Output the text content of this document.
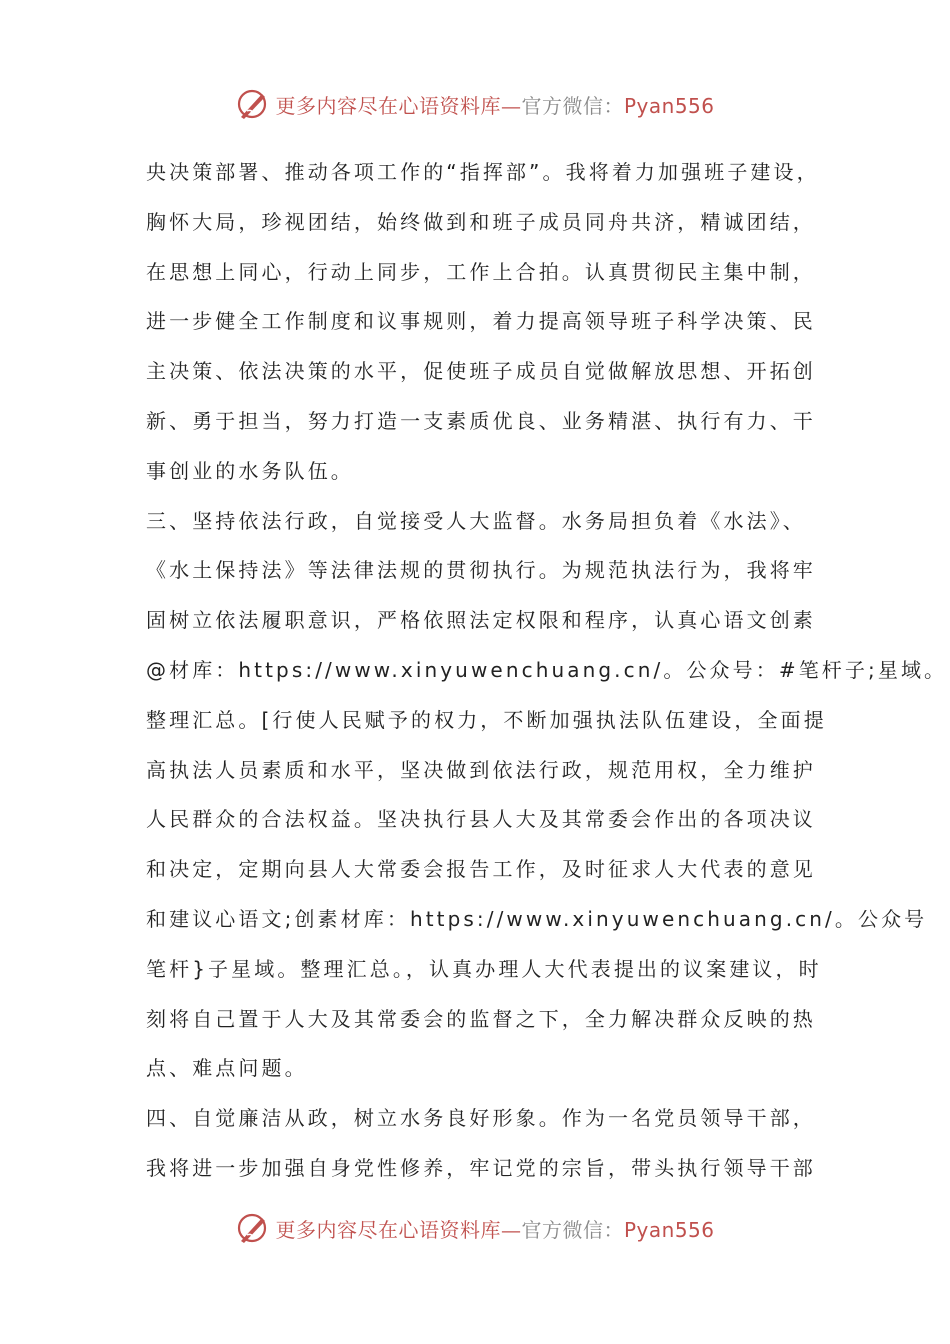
更多内容尽在心语资料库—官方微信：Pyan556
央决策部署、推动各项工作的“指挥部”。我将着力加强班子建设，
胸怀大局，珍视团结，始终做到和班子成员同舟共济，精诚团结，
在思想上同心，行动上同步，工作上合拍。认真贯彻民主集中制，
进一步健全工作制度和议事规则，着力提高领导班子科学决策、民
主决策、依法决策的水平，促使班子成员自觉做解放思想、开拓创
新、勇于担当，努力打造一支素质优良、业务精湛、执行有力、干
事创业的水务队伍。
三、坚持依法行政，自觉接受人大监督。水务局担负着《水法》、
《水土保持法》等法律法规的贯彻执行。为规范执法行为，我将牢
固树立依法履职意识，严格依照法定权限和程序，认真心语文创素
@材库：https://www.xinyuwenchuang.cn/。公众号：#笔杆子;星域。
整理汇总。[行使人民赋予的权力，不断加强执法队伍建设，全面提
高执法人员素质和水平，坚决做到依法行政，规范用权，全力维护
人民群众的合法权益。坚决执行县人大及其常委会作出的各项决议
和决定，定期向县人大常委会报告工作，及时征求人大代表的意见
和建议心语文;创素材库：https://www.xinyuwenchuang.cn/。公众号
笔杆}子星域。整理汇总。，认真办理人大代表提出的议案建议，时
刻将自己置于人大及其常委会的监督之下，全力解决群众反映的热
点、难点问题。
四、自觉廉洁从政，树立水务良好形象。作为一名党员领导干部，
我将进一步加强自身党性修养，牢记党的宗旨，带头执行领导干部
更多内容尽在心语资料库—官方微信：Pyan556
